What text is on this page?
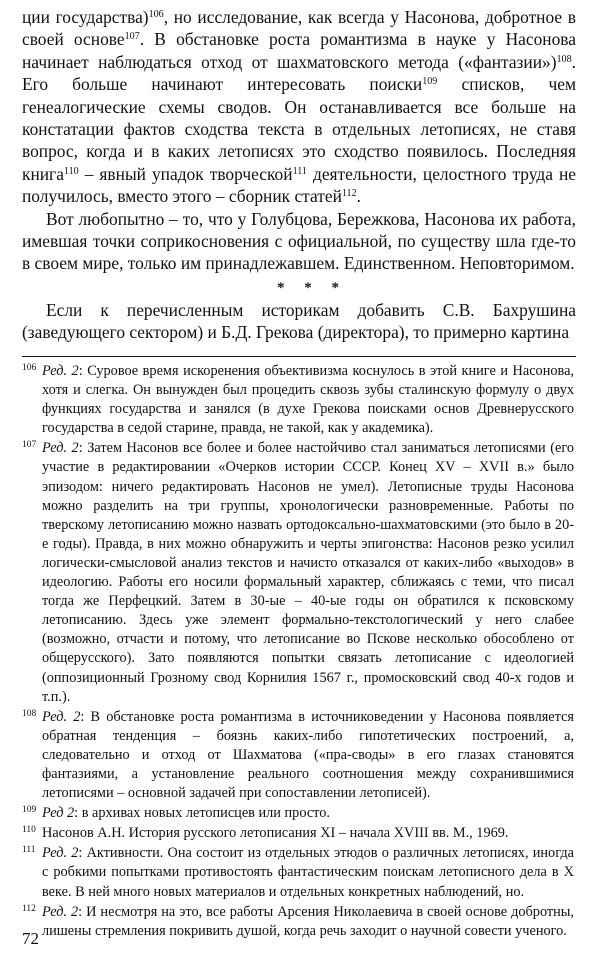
ции государства)$^{106}$, но исследование, как всегда у Насонова, добротное в своей основе$^{107}$. В обстановке роста романтизма в науке у Насонова начинает наблюдаться отход от шахматовского метода («фантазии»)$^{108}$. Его больше начинают интересовать поиски$^{109}$ списков, чем генеалогические схемы сводов. Он останавливается все больше на констатации фактов сходства текста в отдельных летописях, не ставя вопрос, когда и в каких летописях это сходство появилось. Последняя книга$^{110}$ – явный упадок творческой$^{111}$ деятельности, целостного труда не получилось, вместо этого – сборник статей$^{112}$.

Вот любопытно – то, что у Голубцова, Бережкова, Насонова их работа, имевшая точки соприкосновения с официальной, по существу шла где-то в своем мире, только им принадлежавшем. Единственном. Неповторимом.

* * *

Если к перечисленным историкам добавить С.В. Бахрушина (заведующего сектором) и Б.Д. Грекова (директора), то примерно картина

106 Ред. 2: Суровое время искоренения объективизма коснулось в этой книге и Насонова, хотя и слегка. Он вынужден был процедить сквозь зубы сталинскую формулу о двух функциях государства и занялся (в духе Грекова поисками основ Древнерусского государства в седой старине, правда, не такой, как у академика).
107 Ред. 2: Затем Насонов все более и более настойчиво стал заниматься летописями (его участие в редактировании «Очерков истории СССР. Конец XV – XVII в.» было эпизодом: ничего редактировать Насонов не умел). Летописные труды Насонова можно разделить на три группы, хронологически разновременные. Работы по тверскому летописанию можно назвать ортодоксально-шахматовскими (это было в 20-е годы). Правда, в них можно обнаружить и черты эпигонства: Насонов резко усилил логически-смысловой анализ текстов и начисто отказался от каких-либо «выходов» в идеологию. Работы его носили формальный характер, сближаясь с теми, что писал тогда же Перфецкий. Затем в 30-ые – 40-ые годы он обратился к псковскому летописанию. Здесь уже элемент формально-текстологический у него слабее (возможно, отчасти и потому, что летописание во Пскове несколько обособлено от общерусского). Зато появляются попытки связать летописание с идеологией (оппозиционный Грозному свод Корнилия 1567 г., промосковский свод 40-х годов и т.п.).
108 Ред. 2: В обстановке роста романтизма в источниковедении у Насонова появляется обратная тенденция – боязнь каких-либо гипотетических построений, а, следовательно и отход от Шахматова («пра-своды» в его глазах становятся фантазиями, а установление реального соотношения между сохранившимися летописями – основной задачей при сопоставлении летописей).
109 Ред 2: в архивах новых летописцев или просто.
110 Насонов А.Н. История русского летописания XI – начала XVIII вв. М., 1969.
111 Ред. 2: Активности. Она состоит из отдельных этюдов о различных летописях, иногда с робкими попытками противостоять фантастическим поискам летописного дела в X веке. В ней много новых материалов и отдельных конкретных наблюдений, но.
112 Ред. 2: И несмотря на это, все работы Арсения Николаевича в своей основе добротны, лишены стремления покривить душой, когда речь заходит о научной совести ученого.
72
